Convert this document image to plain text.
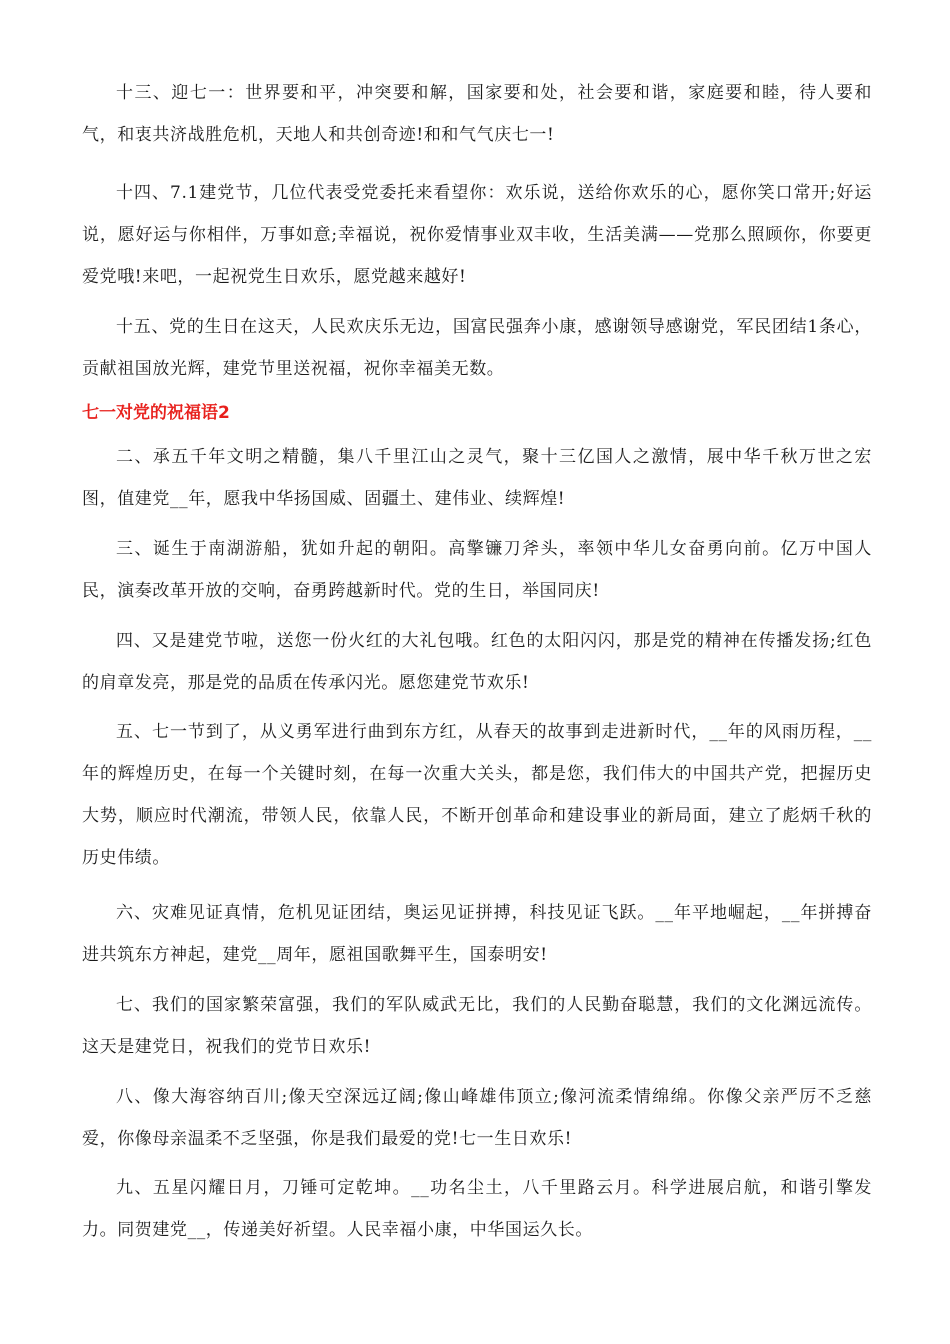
十三、迎七一：世界要和平，冲突要和解，国家要和处，社会要和谐，家庭要和睦，待人要和气，和衷共济战胜危机，天地人和共创奇迹!和和气气庆七一!

十四、7.1建党节，几位代表受党委托来看望你：欢乐说，送给你欢乐的心，愿你笑口常开;好运说，愿好运与你相伴，万事如意;幸福说，祝你爱情事业双丰收，生活美满——党那么照顾你，你要更爱党哦!来吧，一起祝党生日欢乐，愿党越来越好!

十五、党的生日在这天，人民欢庆乐无边，国富民强奔小康，感谢领导感谢党，军民团结1条心，贡献祖国放光辉，建党节里送祝福，祝你幸福美无数。

七一对党的祝福语2

二、承五千年文明之精髓，集八千里江山之灵气，聚十三亿国人之激情，展中华千秋万世之宏图，值建党__年，愿我中华扬国威、固疆土、建伟业、续辉煌!

三、诞生于南湖游船，犹如升起的朝阳。高擎镰刀斧头，率领中华儿女奋勇向前。亿万中国人民，演奏改革开放的交响，奋勇跨越新时代。党的生日，举国同庆!

四、又是建党节啦，送您一份火红的大礼包哦。红色的太阳闪闪，那是党的精神在传播发扬;红色的肩章发亮，那是党的品质在传承闪光。愿您建党节欢乐!

五、七一节到了，从义勇军进行曲到东方红，从春天的故事到走进新时代，__年的风雨历程，__年的辉煌历史，在每一个关键时刻，在每一次重大关头，都是您，我们伟大的中国共产党，把握历史大势，顺应时代潮流，带领人民，依靠人民，不断开创革命和建设事业的新局面，建立了彪炳千秋的历史伟绩。

六、灾难见证真情，危机见证团结，奥运见证拼搏，科技见证飞跃。__年平地崛起，__年拼搏奋进共筑东方神起，建党__周年，愿祖国歌舞平生，国泰明安!

七、我们的国家繁荣富强，我们的军队威武无比，我们的人民勤奋聪慧，我们的文化渊远流传。这天是建党日，祝我们的党节日欢乐!

八、像大海容纳百川;像天空深远辽阔;像山峰雄伟顶立;像河流柔情绵绵。你像父亲严厉不乏慈爱，你像母亲温柔不乏坚强，你是我们最爱的党!七一生日欢乐!

九、五星闪耀日月，刀锤可定乾坤。__功名尘土，八千里路云月。科学进展启航，和谐引擎发力。同贺建党__，传递美好祈望。人民幸福小康，中华国运久长。
